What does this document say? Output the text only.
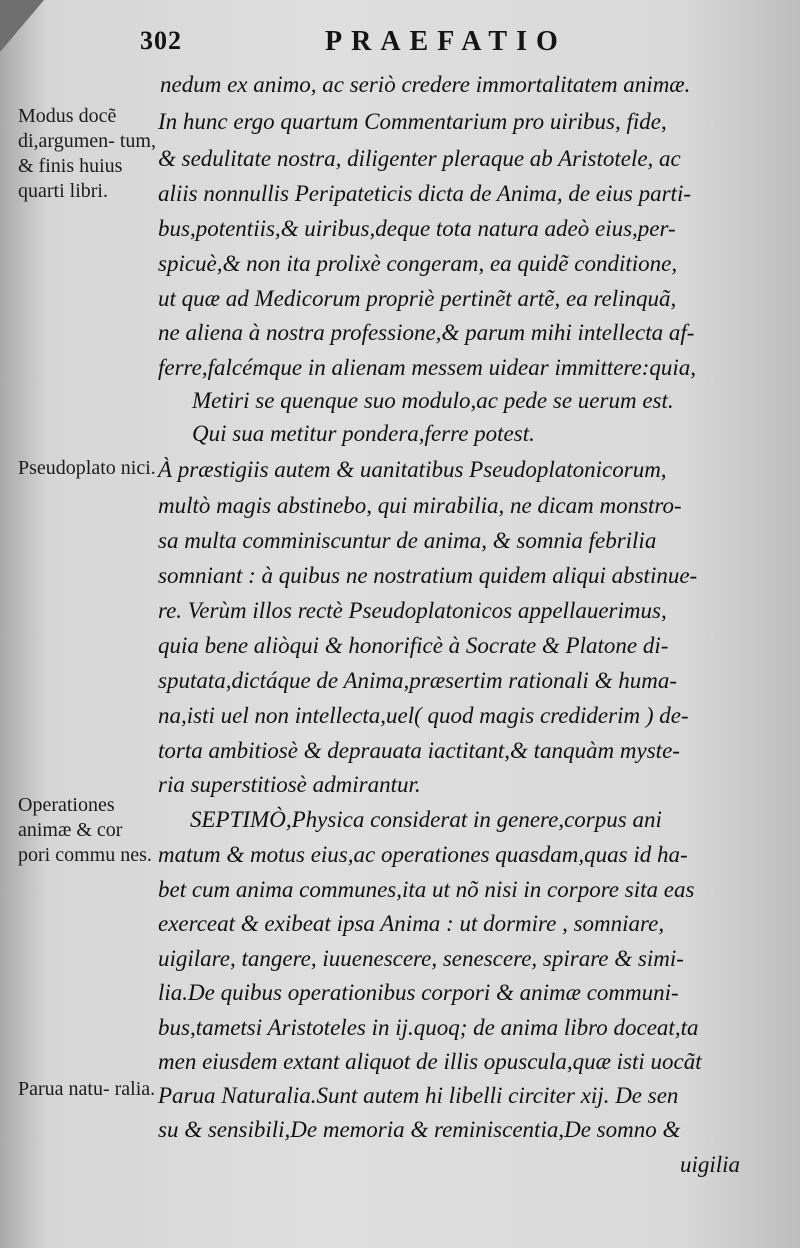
302	PRAEFATIO
Modus docẽ di,argumen- tum, & finis huius quarti libri.
Pseudoplato nici.
Operationes animæ & cor pori commu nes.
Parua natu- ralia.
nedum ex animo, ac seriò credere immortalitatem animæ.
In hunc ergo quartum Commentarium pro uiribus, fide,
& sedulitate nostra, diligenter pleraque ab Aristotele, ac
aliis nonnullis Peripateticis dicta de Anima, de eius parti-
bus,potentiis,& uiribus,deque tota natura adeò eius,per-
spicuè,& non ita prolixè congeram, ea quidẽ conditione,
ut quæ ad Medicorum propriè pertinẽt artẽ, ea relinquã,
ne aliena à nostra professione,& parum mihi intellecta af-
ferre,falcémque in alienam messem uidear immittere:quia,
Metiri se quenque suo modulo,ac pede se uerum est.
Qui sua metitur pondera,ferre potest.
À præstigiis autem & uanitatibus Pseudoplatonicorum,
multò magis abstinebo, qui mirabilia, ne dicam monstro-
sa multa comminiscuntur de anima, & somnia febrilia
somniant : à quibus ne nostratium quidem aliqui abstinue-
re. Verùm illos rectè Pseudoplatonicos appellauerimus,
quia bene aliòqui & honorificè à Socrate & Platone di-
sputata,dictáque de Anima,præsertim rationali & huma-
na,isti uel non intellecta,uel( quod magis crediderim ) de-
torta ambitiosè & deprauata iactitant,& tanquàm myste-
ria superstitiosè admirantur.
SEPTIMÒ,Physica considerat in genere,corpus ani
matum & motus eius,ac operationes quasdam,quas id ha-
bet cum anima communes,ita ut nõ nisi in corpore sita eas
exerceat & exibeat ipsa Anima : ut dormire , somniare,
uigilare, tangere, iuuenescere, senescere, spirare & simi-
lia.De quibus operationibus corpori & animæ communi-
bus,tametsi Aristoteles in ij.quoq; de anima libro doceat,ta
men eiusdem extant aliquot de illis opuscula,quæ isti uocãt
Parua Naturalia.Sunt autem hi libelli circiter xij. De sen
su & sensibili,De memoria & reminiscentia,De somno &
uigilia
